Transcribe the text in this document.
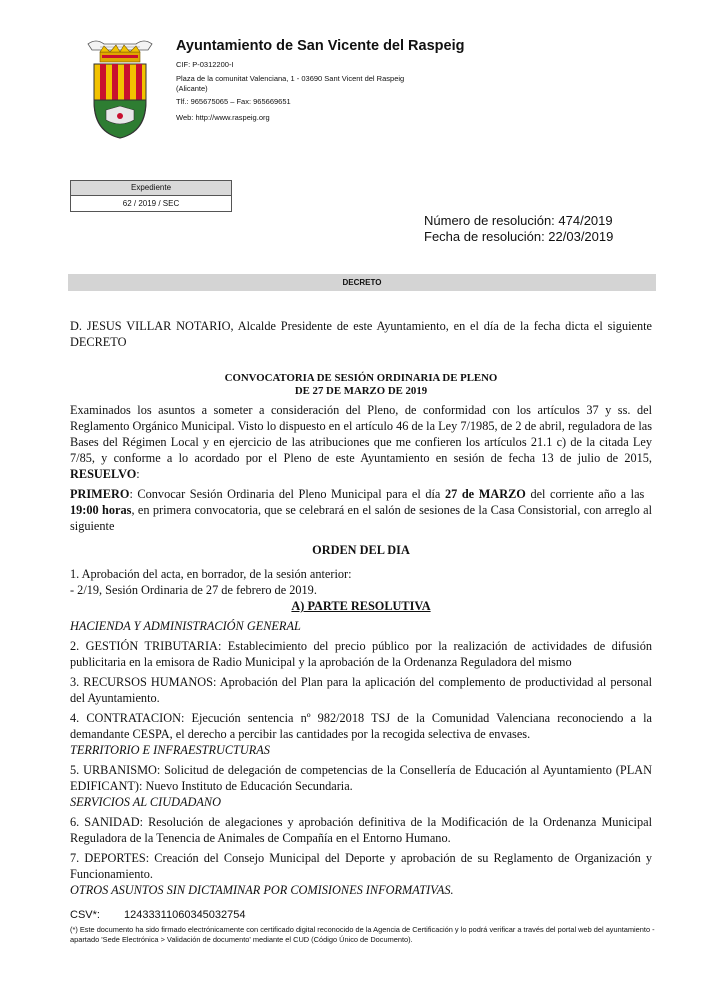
Ayuntamiento de San Vicente del Raspeig
CIF: P-0312200-I
Plaza de la comunitat Valenciana, 1 - 03690 Sant Vicent del Raspeig (Alicante)
Tlf.: 965675065 – Fax: 965669651
Web: http://www.raspeig.org
Expediente
62 / 2019 / SEC
Número de resolución: 474/2019
Fecha de resolución: 22/03/2019
DECRETO

D. JESUS VILLAR NOTARIO, Alcalde Presidente de este Ayuntamiento, en el día de la fecha dicta el siguiente DECRETO

CONVOCATORIA DE SESIÓN ORDINARIA DE PLENO
DE 27 DE MARZO DE 2019

Examinados los asuntos a someter a consideración del Pleno, de conformidad con los artículos 37 y ss. del Reglamento Orgánico Municipal. Visto lo dispuesto en el artículo 46 de la Ley 7/1985, de 2 de abril, reguladora de las Bases del Régimen Local y en ejercicio de las atribuciones que me confieren los artículos 21.1 c) de la citada Ley 7/85, y conforme a lo acordado por el Pleno de este Ayuntamiento en sesión de fecha 13 de julio de 2015, RESUELVO:

PRIMERO: Convocar Sesión Ordinaria del Pleno Municipal para el día 27 de MARZO del corriente año a las   19:00 horas, en primera convocatoria, que se celebrará en el salón de sesiones de la Casa Consistorial, con arreglo al siguiente

ORDEN DEL DIA

1. Aprobación del acta, en borrador, de la sesión anterior:

- 2/19, Sesión Ordinaria de 27 de febrero de 2019.

A) PARTE RESOLUTIVA

HACIENDA Y ADMINISTRACIÓN GENERAL

2. GESTIÓN TRIBUTARIA: Establecimiento del precio público por la realización de actividades de difusión publicitaria en la emisora de Radio Municipal y la aprobación de la Ordenanza Reguladora del mismo

3. RECURSOS HUMANOS: Aprobación del Plan para la aplicación del complemento de productividad al personal del Ayuntamiento.

4. CONTRATACION: Ejecución sentencia nº 982/2018 TSJ de la Comunidad Valenciana reconociendo a la demandante CESPA, el derecho a percibir las cantidades por la recogida selectiva de envases.

TERRITORIO E INFRAESTRUCTURAS

5. URBANISMO: Solicitud de delegación de competencias de la Consellería de Educación al Ayuntamiento (PLAN EDIFICANT): Nuevo Instituto de Educación Secundaria.

SERVICIOS AL CIUDADANO

6. SANIDAD: Resolución de alegaciones y aprobación definitiva de la Modificación de la Ordenanza Municipal Reguladora de la Tenencia de Animales de Compañía en el Entorno Humano.

7. DEPORTES: Creación del Consejo Municipal del Deporte y aprobación de su Reglamento de Organización y Funcionamiento.

OTROS ASUNTOS SIN DICTAMINAR POR COMISIONES INFORMATIVAS.

CSV*: 12433311060345032754
(*) Este documento ha sido firmado electrónicamente con certificado digital reconocido de la Agencia de Certificación y lo podrá verificar a través del portal web del ayuntamiento - apartado 'Sede Electrónica > Validación de documento' mediante el CUD (Código Único de Documento).
